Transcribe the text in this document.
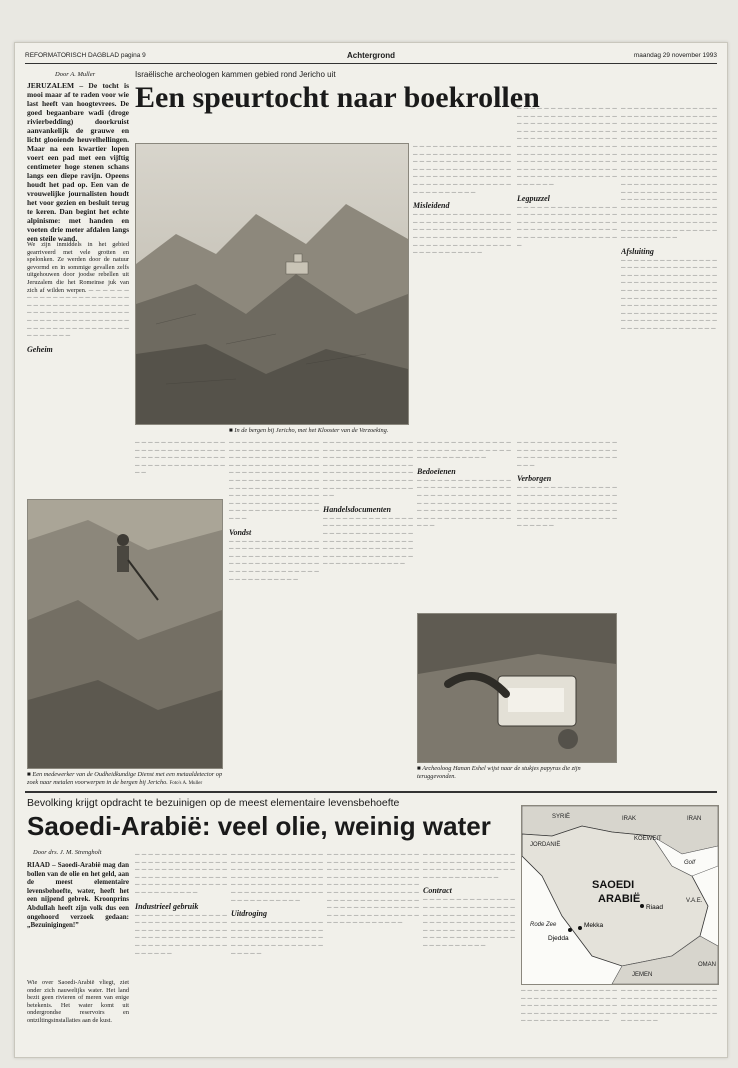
REFORMATORISCH DAGBLAD pagina 9	Achtergrond	maandag 29 november 1993
Door A. Muller	Israëlische archeologen kammen gebied rond Jericho uit
Een speurtocht naar boekrollen
JERUZALEM – De tocht is mooi maar af te raden voor wie last heeft van hoogtevrees. De goed begaanbare wadi (droge rivierbedding) doorkruist aanvankelijk de grauwe en licht glooiende heuvelhellingen. Maar na een kwartier lopen voert een pad met een vijftig centimeter hoge stenen schans langs een diepe ravijn. Opeens houdt het pad op. Een van de vrouwelijke journalisten houdt het voor gezien en besluit terug te keren. Dan begint het echte alpinisme: met handen en voeten drie meter afdalen langs een steile wand.
We zijn inmiddels in het gebied gearriveerd met vele grotten en spelonken. Ze werden door de natuur gevormd en in sommige gevallen zelfs uitgehouwen door joodse rebellen uit Jeruzalem die het Romeinse juk van zich af wilden werpen. ─ ─ ─ ─ ─ ─ ─ ─ ─ ─ ─ ─ ─ ─ ─ ─ ─ ─ ─ ─ ─ ─ ─ ─ ─ ─ ─ ─ ─ ─ ─ ─ ─ ─ ─ ─ ─ ─ ─ ─ ─ ─ ─ ─ ─ ─ ─ ─ ─ ─ ─ ─ ─ ─ ─ ─ ─ ─ ─ ─ ─ ─ ─ ─ ─ ─ ─ ─ ─ ─ ─ ─ ─ ─ ─ ─ ─ ─ ─ ─ ─ ─ ─ ─ ─ ─ ─ ─ ─ ─ ─ ─ ─
Geheim
─ ─ ─ ─ ─ ─ ─ ─ ─ ─ ─ ─ ─ ─ ─ ─ ─ ─ ─ ─ ─ ─ ─ ─ ─ ─ ─ ─ ─ ─ ─ ─ ─ ─ ─ ─ ─ ─ ─ ─ ─ ─ ─ ─ ─ ─ ─ ─ ─ ─ ─ ─ ─ ─ ─ ─ ─ ─ ─ ─ ─ ─ ─ ─ ─ ─ ─ ─ ─ ─ ─ ─ ─ ─ ─ ─ ─ ─ ─ ─ ─ ─ ─ ─ ─ ─ ─ ─ ─ ─ ─ ─ ─ ─ ─ ─ ─ ─ ─ ─
Misleidend
─ ─ ─ ─ ─ ─ ─ ─ ─ ─ ─ ─ ─ ─ ─ ─ ─ ─ ─ ─ ─ ─ ─ ─ ─ ─ ─ ─ ─ ─ ─ ─ ─ ─ ─ ─ ─ ─ ─ ─ ─ ─ ─ ─ ─ ─ ─ ─ ─ ─ ─ ─ ─ ─ ─ ─ ─ ─ ─ ─ ─ ─ ─ ─ ─ ─ ─ ─ ─ ─ ─ ─ ─ ─ ─ ─ ─ ─ ─ ─ ─ ─ ─ ─ ─ ─
─ ─ ─ ─ ─ ─ ─ ─ ─ ─ ─ ─ ─ ─ ─ ─ ─ ─ ─ ─ ─ ─ ─ ─ ─ ─ ─ ─ ─ ─ ─ ─ ─ ─ ─ ─ ─ ─ ─ ─ ─ ─ ─ ─ ─ ─ ─ ─ ─ ─ ─ ─ ─ ─ ─ ─ ─ ─ ─ ─ ─ ─ ─ ─ ─ ─ ─ ─ ─ ─ ─ ─ ─ ─ ─ ─ ─ ─ ─ ─ ─ ─ ─ ─ ─ ─ ─ ─ ─ ─ ─ ─ ─ ─ ─ ─ ─ ─ ─ ─ ─ ─ ─ ─ ─ ─ ─ ─ ─ ─ ─ ─ ─ ─ ─ ─ ─ ─ ─ ─ ─ ─ ─ ─ ─ ─ ─ ─ ─ ─ ─ ─ ─ ─ ─ ─ ─ ─ ─ ─ ─ ─ ─ ─ ─ ─ ─ ─ ─ ─ ─ ─ ─ ─ ─ ─
Legpuzzel
─ ─ ─ ─ ─ ─ ─ ─ ─ ─ ─ ─ ─ ─ ─ ─ ─ ─ ─ ─ ─ ─ ─ ─ ─ ─ ─ ─ ─ ─ ─ ─ ─ ─ ─ ─ ─ ─ ─ ─ ─ ─ ─ ─ ─ ─ ─ ─ ─ ─ ─ ─ ─ ─ ─ ─ ─ ─ ─ ─ ─ ─ ─ ─ ─ ─ ─ ─ ─ ─ ─ ─ ─ ─ ─ ─
─ ─ ─ ─ ─ ─ ─ ─ ─ ─ ─ ─ ─ ─ ─ ─ ─ ─ ─ ─ ─ ─ ─ ─ ─ ─ ─ ─ ─ ─ ─ ─ ─ ─ ─ ─ ─ ─ ─ ─ ─ ─ ─ ─ ─ ─ ─ ─ ─ ─ ─ ─ ─ ─ ─ ─ ─ ─ ─ ─ ─ ─ ─ ─ ─ ─ ─ ─ ─ ─ ─ ─ ─ ─ ─ ─ ─ ─ ─ ─ ─ ─ ─ ─ ─ ─ ─ ─ ─ ─ ─ ─ ─ ─ ─ ─ ─ ─ ─ ─ ─ ─ ─ ─ ─ ─ ─ ─ ─ ─ ─ ─ ─ ─ ─ ─ ─ ─ ─ ─ ─ ─ ─ ─ ─ ─ ─ ─ ─ ─ ─ ─ ─ ─ ─ ─ ─ ─ ─ ─ ─ ─ ─ ─ ─ ─ ─ ─ ─ ─ ─ ─ ─ ─ ─ ─ ─ ─ ─ ─ ─ ─ ─ ─ ─ ─ ─ ─ ─ ─ ─ ─ ─ ─ ─ ─ ─ ─ ─ ─ ─ ─ ─ ─ ─ ─ ─ ─ ─ ─ ─ ─ ─ ─ ─ ─ ─ ─ ─ ─ ─ ─ ─ ─ ─ ─ ─ ─ ─ ─ ─ ─ ─ ─ ─ ─ ─ ─ ─ ─ ─ ─ ─ ─ ─ ─ ─ ─ ─ ─ ─ ─ ─ ─ ─ ─ ─ ─ ─ ─ ─ ─ ─ ─ ─ ─ ─ ─ ─ ─ ─ ─ ─ ─ ─ ─ ─ ─ ─ ─ ─ ─ ─ ─
Afsluiting
─ ─ ─ ─ ─ ─ ─ ─ ─ ─ ─ ─ ─ ─ ─ ─ ─ ─ ─ ─ ─ ─ ─ ─ ─ ─ ─ ─ ─ ─ ─ ─ ─ ─ ─ ─ ─ ─ ─ ─ ─ ─ ─ ─ ─ ─ ─ ─ ─ ─ ─ ─ ─ ─ ─ ─ ─ ─ ─ ─ ─ ─ ─ ─ ─ ─ ─ ─ ─ ─ ─ ─ ─ ─ ─ ─ ─ ─ ─ ─ ─ ─ ─ ─ ─ ─ ─ ─ ─ ─ ─ ─ ─ ─ ─ ─ ─ ─ ─ ─ ─ ─ ─ ─ ─ ─ ─ ─ ─ ─ ─ ─ ─ ─ ─ ─ ─ ─ ─ ─ ─ ─ ─ ─ ─ ─ ─ ─ ─ ─ ─ ─ ─ ─ ─ ─ ─ ─ ─ ─ ─ ─ ─ ─ ─ ─ ─ ─ ─ ─
■ In de bergen bij Jericho, met het Klooster van de Verzoeking.
■ Een medewerker van de Oudheidkundige Dienst met een metaaldetector op zoek naar metalen voorwerpen in de bergen bij Jericho. Foto's A. Muller
─ ─ ─ ─ ─ ─ ─ ─ ─ ─ ─ ─ ─ ─ ─ ─ ─ ─ ─ ─ ─ ─ ─ ─ ─ ─ ─ ─ ─ ─ ─ ─ ─ ─ ─ ─ ─ ─ ─ ─ ─ ─ ─ ─ ─ ─ ─ ─ ─ ─ ─ ─ ─ ─ ─ ─ ─ ─
─ ─ ─ ─ ─ ─ ─ ─ ─ ─ ─ ─ ─ ─ ─ ─ ─ ─ ─ ─ ─ ─ ─ ─ ─ ─ ─ ─ ─ ─ ─ ─ ─ ─ ─ ─ ─ ─ ─ ─ ─ ─ ─ ─ ─ ─ ─ ─ ─ ─ ─ ─ ─ ─ ─ ─ ─ ─ ─ ─ ─ ─ ─ ─ ─ ─ ─ ─ ─ ─ ─ ─ ─ ─ ─ ─ ─ ─ ─ ─ ─ ─ ─ ─ ─ ─ ─ ─ ─ ─ ─ ─ ─ ─ ─ ─ ─ ─ ─ ─ ─ ─ ─ ─ ─ ─ ─ ─ ─ ─ ─ ─ ─ ─ ─ ─ ─ ─ ─ ─ ─ ─ ─ ─ ─ ─ ─ ─ ─ ─ ─ ─ ─ ─ ─ ─ ─ ─ ─ ─ ─ ─ ─
Vondst
─ ─ ─ ─ ─ ─ ─ ─ ─ ─ ─ ─ ─ ─ ─ ─ ─ ─ ─ ─ ─ ─ ─ ─ ─ ─ ─ ─ ─ ─ ─ ─ ─ ─ ─ ─ ─ ─ ─ ─ ─ ─ ─ ─ ─ ─ ─ ─ ─ ─ ─ ─ ─ ─ ─ ─ ─ ─ ─ ─ ─ ─ ─ ─ ─ ─ ─ ─ ─ ─ ─ ─ ─ ─ ─ ─ ─ ─ ─ ─ ─
─ ─ ─ ─ ─ ─ ─ ─ ─ ─ ─ ─ ─ ─ ─ ─ ─ ─ ─ ─ ─ ─ ─ ─ ─ ─ ─ ─ ─ ─ ─ ─ ─ ─ ─ ─ ─ ─ ─ ─ ─ ─ ─ ─ ─ ─ ─ ─ ─ ─ ─ ─ ─ ─ ─ ─ ─ ─ ─ ─ ─ ─ ─ ─ ─ ─ ─ ─ ─ ─ ─ ─ ─ ─ ─ ─ ─ ─ ─ ─ ─ ─ ─ ─ ─ ─ ─ ─ ─ ─ ─ ─ ─ ─ ─ ─ ─ ─ ─ ─
Handelsdocumenten
─ ─ ─ ─ ─ ─ ─ ─ ─ ─ ─ ─ ─ ─ ─ ─ ─ ─ ─ ─ ─ ─ ─ ─ ─ ─ ─ ─ ─ ─ ─ ─ ─ ─ ─ ─ ─ ─ ─ ─ ─ ─ ─ ─ ─ ─ ─ ─ ─ ─ ─ ─ ─ ─ ─ ─ ─ ─ ─ ─ ─ ─ ─ ─ ─ ─ ─ ─ ─ ─ ─ ─ ─ ─ ─ ─ ─ ─ ─ ─ ─ ─ ─ ─ ─ ─ ─ ─ ─ ─ ─ ─ ─ ─ ─ ─ ─
─ ─ ─ ─ ─ ─ ─ ─ ─ ─ ─ ─ ─ ─ ─ ─ ─ ─ ─ ─ ─ ─ ─ ─ ─ ─ ─ ─ ─ ─ ─ ─ ─ ─ ─ ─ ─ ─ ─
Bedoeïenen
─ ─ ─ ─ ─ ─ ─ ─ ─ ─ ─ ─ ─ ─ ─ ─ ─ ─ ─ ─ ─ ─ ─ ─ ─ ─ ─ ─ ─ ─ ─ ─ ─ ─ ─ ─ ─ ─ ─ ─ ─ ─ ─ ─ ─ ─ ─ ─ ─ ─ ─ ─ ─ ─ ─ ─ ─ ─ ─ ─ ─ ─ ─ ─ ─ ─ ─ ─ ─ ─ ─ ─ ─ ─ ─ ─ ─ ─ ─ ─ ─ ─ ─ ─ ─ ─ ─
─ ─ ─ ─ ─ ─ ─ ─ ─ ─ ─ ─ ─ ─ ─ ─ ─ ─ ─ ─ ─ ─ ─ ─ ─ ─ ─ ─ ─ ─ ─ ─ ─ ─ ─ ─ ─ ─ ─ ─ ─ ─ ─ ─ ─ ─ ─ ─
Verborgen
─ ─ ─ ─ ─ ─ ─ ─ ─ ─ ─ ─ ─ ─ ─ ─ ─ ─ ─ ─ ─ ─ ─ ─ ─ ─ ─ ─ ─ ─ ─ ─ ─ ─ ─ ─ ─ ─ ─ ─ ─ ─ ─ ─ ─ ─ ─ ─ ─ ─ ─ ─ ─ ─ ─ ─ ─ ─ ─ ─ ─ ─ ─ ─ ─ ─ ─ ─ ─ ─ ─ ─ ─ ─ ─ ─ ─ ─ ─ ─ ─
■ Archeoloog Hanan Eshel wijst naar de stukjes papyrus die zijn teruggevonden.
Bevolking krijgt opdracht te bezuinigen op de meest elementaire levensbehoefte
Saoedi-Arabië: veel olie, weinig water
Door drs. J. M. Strengholt
RIAAD – Saoedi-Arabië mag dan bollen van de olie en het geld, aan de meest elementaire levensbehoefte, water, heeft het een nijpend gebrek. Kroonprins Abdullah heeft zijn volk dus een ongehoord verzoek gedaan: „Bezuinigingen!”
Wie over Saoedi-Arabië vliegt, ziet onder zich nauwelijks water. Het land bezit geen rivieren of meren van enige betekenis. Het water komt uit ondergrondse reservoirs en ontziltingsinstallaties aan de kust.
─ ─ ─ ─ ─ ─ ─ ─ ─ ─ ─ ─ ─ ─ ─ ─ ─ ─ ─ ─ ─ ─ ─ ─ ─ ─ ─ ─ ─ ─ ─ ─ ─ ─ ─ ─ ─ ─ ─ ─ ─ ─ ─ ─ ─ ─ ─ ─ ─ ─ ─ ─ ─ ─ ─ ─ ─ ─ ─ ─ ─ ─ ─ ─ ─ ─ ─ ─ ─ ─ ─ ─ ─ ─ ─ ─ ─ ─ ─ ─
Industrieel gebruik
─ ─ ─ ─ ─ ─ ─ ─ ─ ─ ─ ─ ─ ─ ─ ─ ─ ─ ─ ─ ─ ─ ─ ─ ─ ─ ─ ─ ─ ─ ─ ─ ─ ─ ─ ─ ─ ─ ─ ─ ─ ─ ─ ─ ─ ─ ─ ─ ─ ─ ─ ─ ─ ─ ─ ─ ─ ─ ─ ─ ─ ─ ─ ─ ─ ─ ─ ─ ─ ─ ─ ─ ─ ─ ─ ─
─ ─ ─ ─ ─ ─ ─ ─ ─ ─ ─ ─ ─ ─ ─ ─ ─ ─ ─ ─ ─ ─ ─ ─ ─ ─ ─ ─ ─ ─ ─ ─ ─ ─ ─ ─ ─ ─ ─ ─ ─ ─ ─ ─ ─ ─ ─ ─ ─ ─ ─ ─ ─ ─ ─ ─ ─ ─ ─ ─ ─ ─ ─ ─ ─ ─ ─ ─ ─ ─ ─ ─ ─ ─ ─ ─ ─ ─ ─ ─ ─ ─ ─ ─ ─ ─ ─ ─ ─ ─ ─ ─ ─ ─ ─
Uitdroging
─ ─ ─ ─ ─ ─ ─ ─ ─ ─ ─ ─ ─ ─ ─ ─ ─ ─ ─ ─ ─ ─ ─ ─ ─ ─ ─ ─ ─ ─ ─ ─ ─ ─ ─ ─ ─ ─ ─ ─ ─ ─ ─ ─ ─ ─ ─ ─ ─ ─ ─ ─ ─ ─ ─ ─ ─ ─ ─ ─ ─
─ ─ ─ ─ ─ ─ ─ ─ ─ ─ ─ ─ ─ ─ ─ ─ ─ ─ ─ ─ ─ ─ ─ ─ ─ ─ ─ ─ ─ ─ ─ ─ ─ ─ ─ ─ ─ ─ ─ ─ ─ ─ ─ ─ ─ ─ ─ ─ ─ ─ ─ ─ ─ ─ ─ ─ ─ ─ ─ ─ ─ ─ ─ ─ ─ ─ ─ ─ ─ ─ ─ ─ ─ ─ ─ ─ ─ ─ ─ ─ ─ ─ ─ ─ ─ ─ ─ ─ ─ ─ ─ ─ ─ ─ ─ ─ ─ ─ ─ ─ ─ ─ ─ ─ ─ ─ ─ ─ ─ ─ ─ ─ ─ ─ ─ ─ ─ ─ ─ ─ ─ ─ ─ ─ ─ ─ ─ ─ ─ ─ ─ ─ ─ ─ ─ ─ ─ ─
─ ─ ─ ─ ─ ─ ─ ─ ─ ─ ─ ─ ─ ─ ─ ─ ─ ─ ─ ─ ─ ─ ─ ─ ─ ─ ─ ─ ─ ─ ─ ─ ─ ─ ─ ─ ─ ─ ─ ─ ─ ─ ─ ─ ─ ─ ─ ─ ─ ─ ─ ─ ─ ─
Contract
─ ─ ─ ─ ─ ─ ─ ─ ─ ─ ─ ─ ─ ─ ─ ─ ─ ─ ─ ─ ─ ─ ─ ─ ─ ─ ─ ─ ─ ─ ─ ─ ─ ─ ─ ─ ─ ─ ─ ─ ─ ─ ─ ─ ─ ─ ─ ─ ─ ─ ─ ─ ─ ─ ─ ─ ─ ─ ─ ─ ─ ─ ─ ─ ─ ─ ─ ─ ─ ─ ─ ─ ─ ─ ─ ─ ─ ─ ─ ─ ─ ─ ─ ─ ─ ─ ─ ─ ─ ─ ─ ─ ─ ─
SYRIË	IRAK	IRAN
KOEWEIT
JORDANIË
Golf
V.A.E.
Rode Zee
JEMEN
OMAN
SAOEDI
ARABIË
Riaad
Djedda
Mekka
─ ─ ─ ─ ─ ─ ─ ─ ─ ─ ─ ─ ─ ─ ─ ─ ─ ─ ─ ─ ─ ─ ─ ─ ─ ─ ─ ─ ─ ─ ─ ─ ─ ─ ─ ─ ─ ─ ─ ─ ─ ─ ─ ─ ─ ─ ─ ─ ─ ─ ─ ─ ─ ─ ─ ─ ─ ─ ─ ─ ─ ─ ─ ─ ─ ─ ─ ─ ─ ─ ─ ─ ─ ─
─ ─ ─ ─ ─ ─ ─ ─ ─ ─ ─ ─ ─ ─ ─ ─ ─ ─ ─ ─ ─ ─ ─ ─ ─ ─ ─ ─ ─ ─ ─ ─ ─ ─ ─ ─ ─ ─ ─ ─ ─ ─ ─ ─ ─ ─ ─ ─ ─ ─ ─ ─ ─ ─ ─ ─ ─ ─ ─ ─ ─ ─ ─ ─ ─ ─
